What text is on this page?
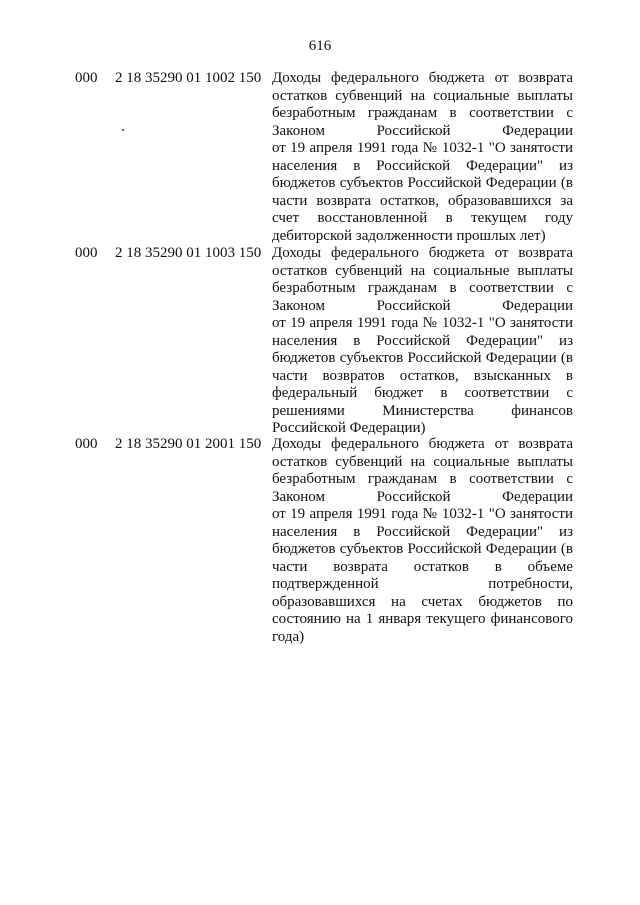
616
000 2 18 35290 01 1002 150 Доходы федерального бюджета от возврата
остатков субвенций на социальные выплаты
безработным гражданам в соответствии с
Законом Российской Федерации
от 19 апреля 1991 года № 1032-1 "О занятости
населения в Российской Федерации" из
бюджетов субъектов Российской Федерации (в
части возврата остатков, образовавшихся за
счет восстановленной в текущем году
дебиторской задолженности прошлых лет)
000 2 18 35290 01 1003 150 Доходы федерального бюджета от возврата
остатков субвенций на социальные выплаты
безработным гражданам в соответствии с
Законом Российской Федерации
от 19 апреля 1991 года № 1032-1 "О занятости
населения в Российской Федерации" из
бюджетов субъектов Российской Федерации (в
части возвратов остатков, взысканных в
федеральный бюджет в соответствии с
решениями Министерства финансов
Российской Федерации)
000 2 18 35290 01 2001 150 Доходы федерального бюджета от возврата
остатков субвенций на социальные выплаты
безработным гражданам в соответствии с
Законом Российской Федерации
от 19 апреля 1991 года № 1032-1 "О занятости
населения в Российской Федерации" из
бюджетов субъектов Российской Федерации (в
части возврата остатков в объеме
подтвержденной потребности,
образовавшихся на счетах бюджетов по
состоянию на 1 января текущего финансового
года)
